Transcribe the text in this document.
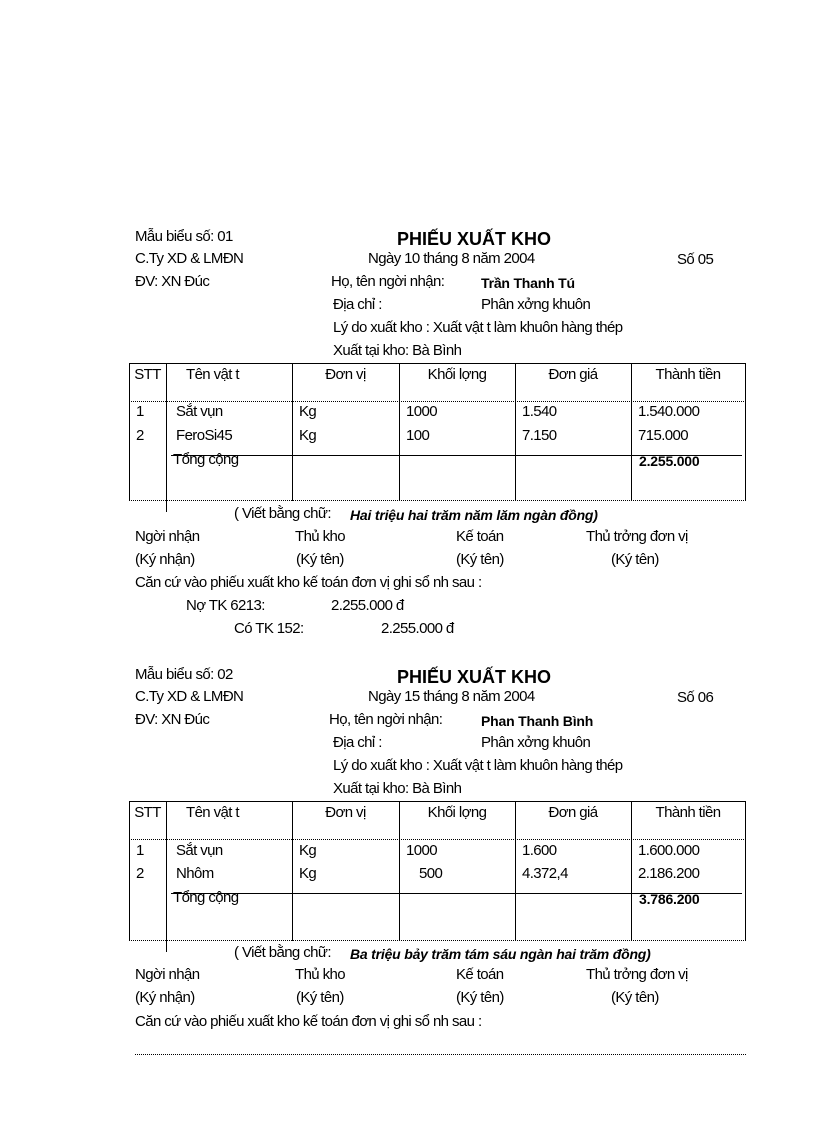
Mẫu biểu số: 01	PHIẾU XUẤT KHO
C.Ty XD & LMĐN	Ngày 10 tháng 8 năm 2004	Số 05
ĐV: XN Đúc	Họ, tên ngời nhận:	Trần Thanh Tú
Địa chỉ :	Phân xởng khuôn
Lý do xuất kho : Xuất vật t làm khuôn hàng thép
Xuất tại kho: Bà Bình
STT	Tên vật t	Đơn vị	Khối lợng	Đơn giá	Thành tiền
1 Sắt vụn	Kg	1000	1.540	1.540.000
2 FeroSi45	Kg	100	7.150	715.000
Tổng cộng	2.255.000
( Viết bằng chữ: Hai triệu hai trăm năm lăm ngàn đồng)
Ngời nhận	Thủ kho	Kế toán	Thủ trởng đơn vị
(Ký nhận)	(Ký tên)	(Ký tên)	(Ký tên)
Căn cứ vào phiếu xuất kho kế toán đơn vị ghi sổ nh sau :
Nợ TK 6213:	2.255.000 đ
Có TK 152:	2.255.000 đ
Mẫu biểu số: 02	PHIẾU XUẤT KHO
C.Ty XD & LMĐN	Ngày 15 tháng 8 năm 2004	Số 06
ĐV: XN Đúc	Họ, tên ngời nhận:	Phan Thanh Bình
Địa chỉ :	Phân xởng khuôn
Lý do xuất kho : Xuất vật t làm khuôn hàng thép
Xuất tại kho: Bà Bình
STT	Tên vật t	Đơn vị	Khối lợng	Đơn giá	Thành tiền
1 Sắt vụn	Kg	1000	1.600	1.600.000
2 Nhôm	Kg	500	4.372,4	2.186.200
Tổng cộng	3.786.200
( Viết bằng chữ: Ba triệu bảy trăm tám sáu ngàn hai trăm đồng)
Ngời nhận	Thủ kho	Kế toán	Thủ trởng đơn vị
(Ký nhận)	(Ký tên)	(Ký tên)	(Ký tên)
Căn cứ vào phiếu xuất kho kế toán đơn vị ghi sổ nh sau :
